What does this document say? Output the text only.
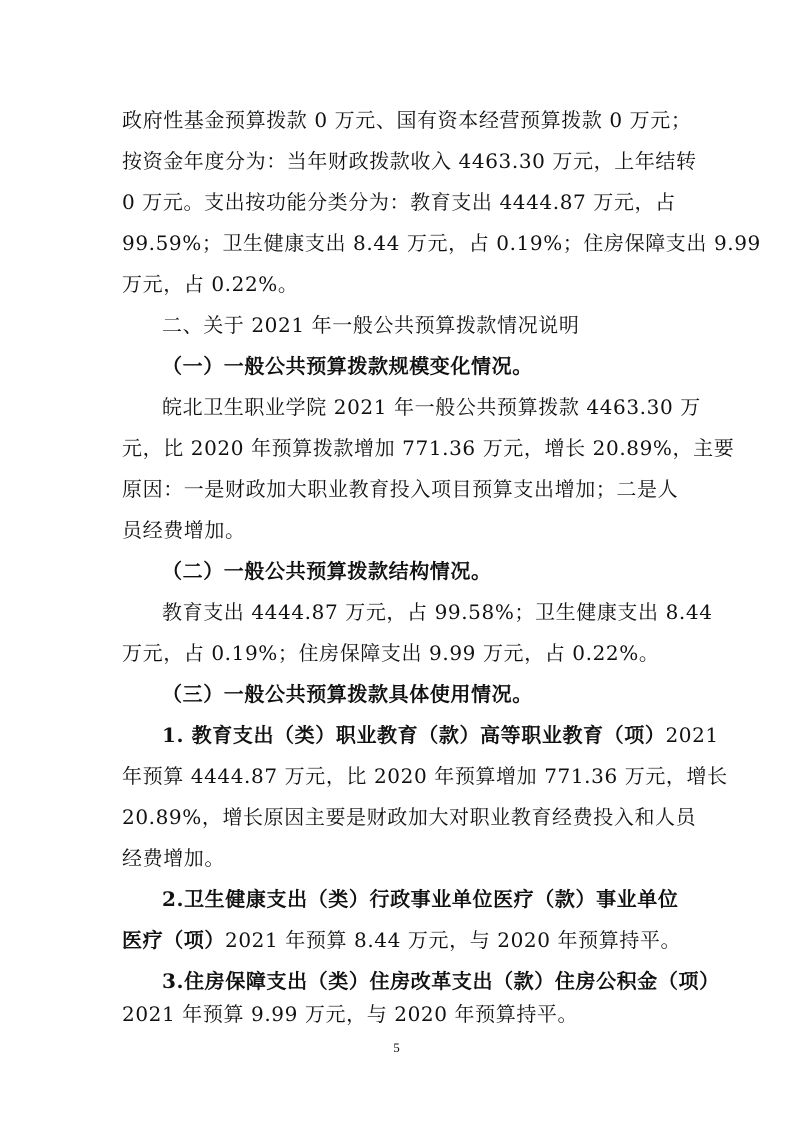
政府性基金预算拨款 0 万元、国有资本经营预算拨款 0 万元；
按资金年度分为：当年财政拨款收入 4463.30 万元，上年结转
0 万元。支出按功能分类分为：教育支出 4444.87 万元，占
99.59%；卫生健康支出 8.44 万元，占 0.19%；住房保障支出 9.99
万元，占 0.22%。
二、关于 2021 年一般公共预算拨款情况说明
（一）一般公共预算拨款规模变化情况。
皖北卫生职业学院 2021 年一般公共预算拨款 4463.30 万
元，比 2020 年预算拨款增加 771.36 万元，增长 20.89%，主要
原因：一是财政加大职业教育投入项目预算支出增加；二是人
员经费增加。
（二）一般公共预算拨款结构情况。
教育支出 4444.87 万元，占 99.58%；卫生健康支出 8.44
万元，占 0.19%；住房保障支出 9.99 万元，占 0.22%。
（三）一般公共预算拨款具体使用情况。
1. 教育支出（类）职业教育（款）高等职业教育（项）2021
年预算 4444.87 万元，比 2020 年预算增加 771.36 万元，增长
20.89%，增长原因主要是财政加大对职业教育经费投入和人员
经费增加。
2.卫生健康支出（类）行政事业单位医疗（款）事业单位
医疗（项）2021 年预算 8.44 万元，与 2020 年预算持平。
3.住房保障支出（类）住房改革支出（款）住房公积金（项）
2021 年预算 9.99 万元，与 2020 年预算持平。
5
